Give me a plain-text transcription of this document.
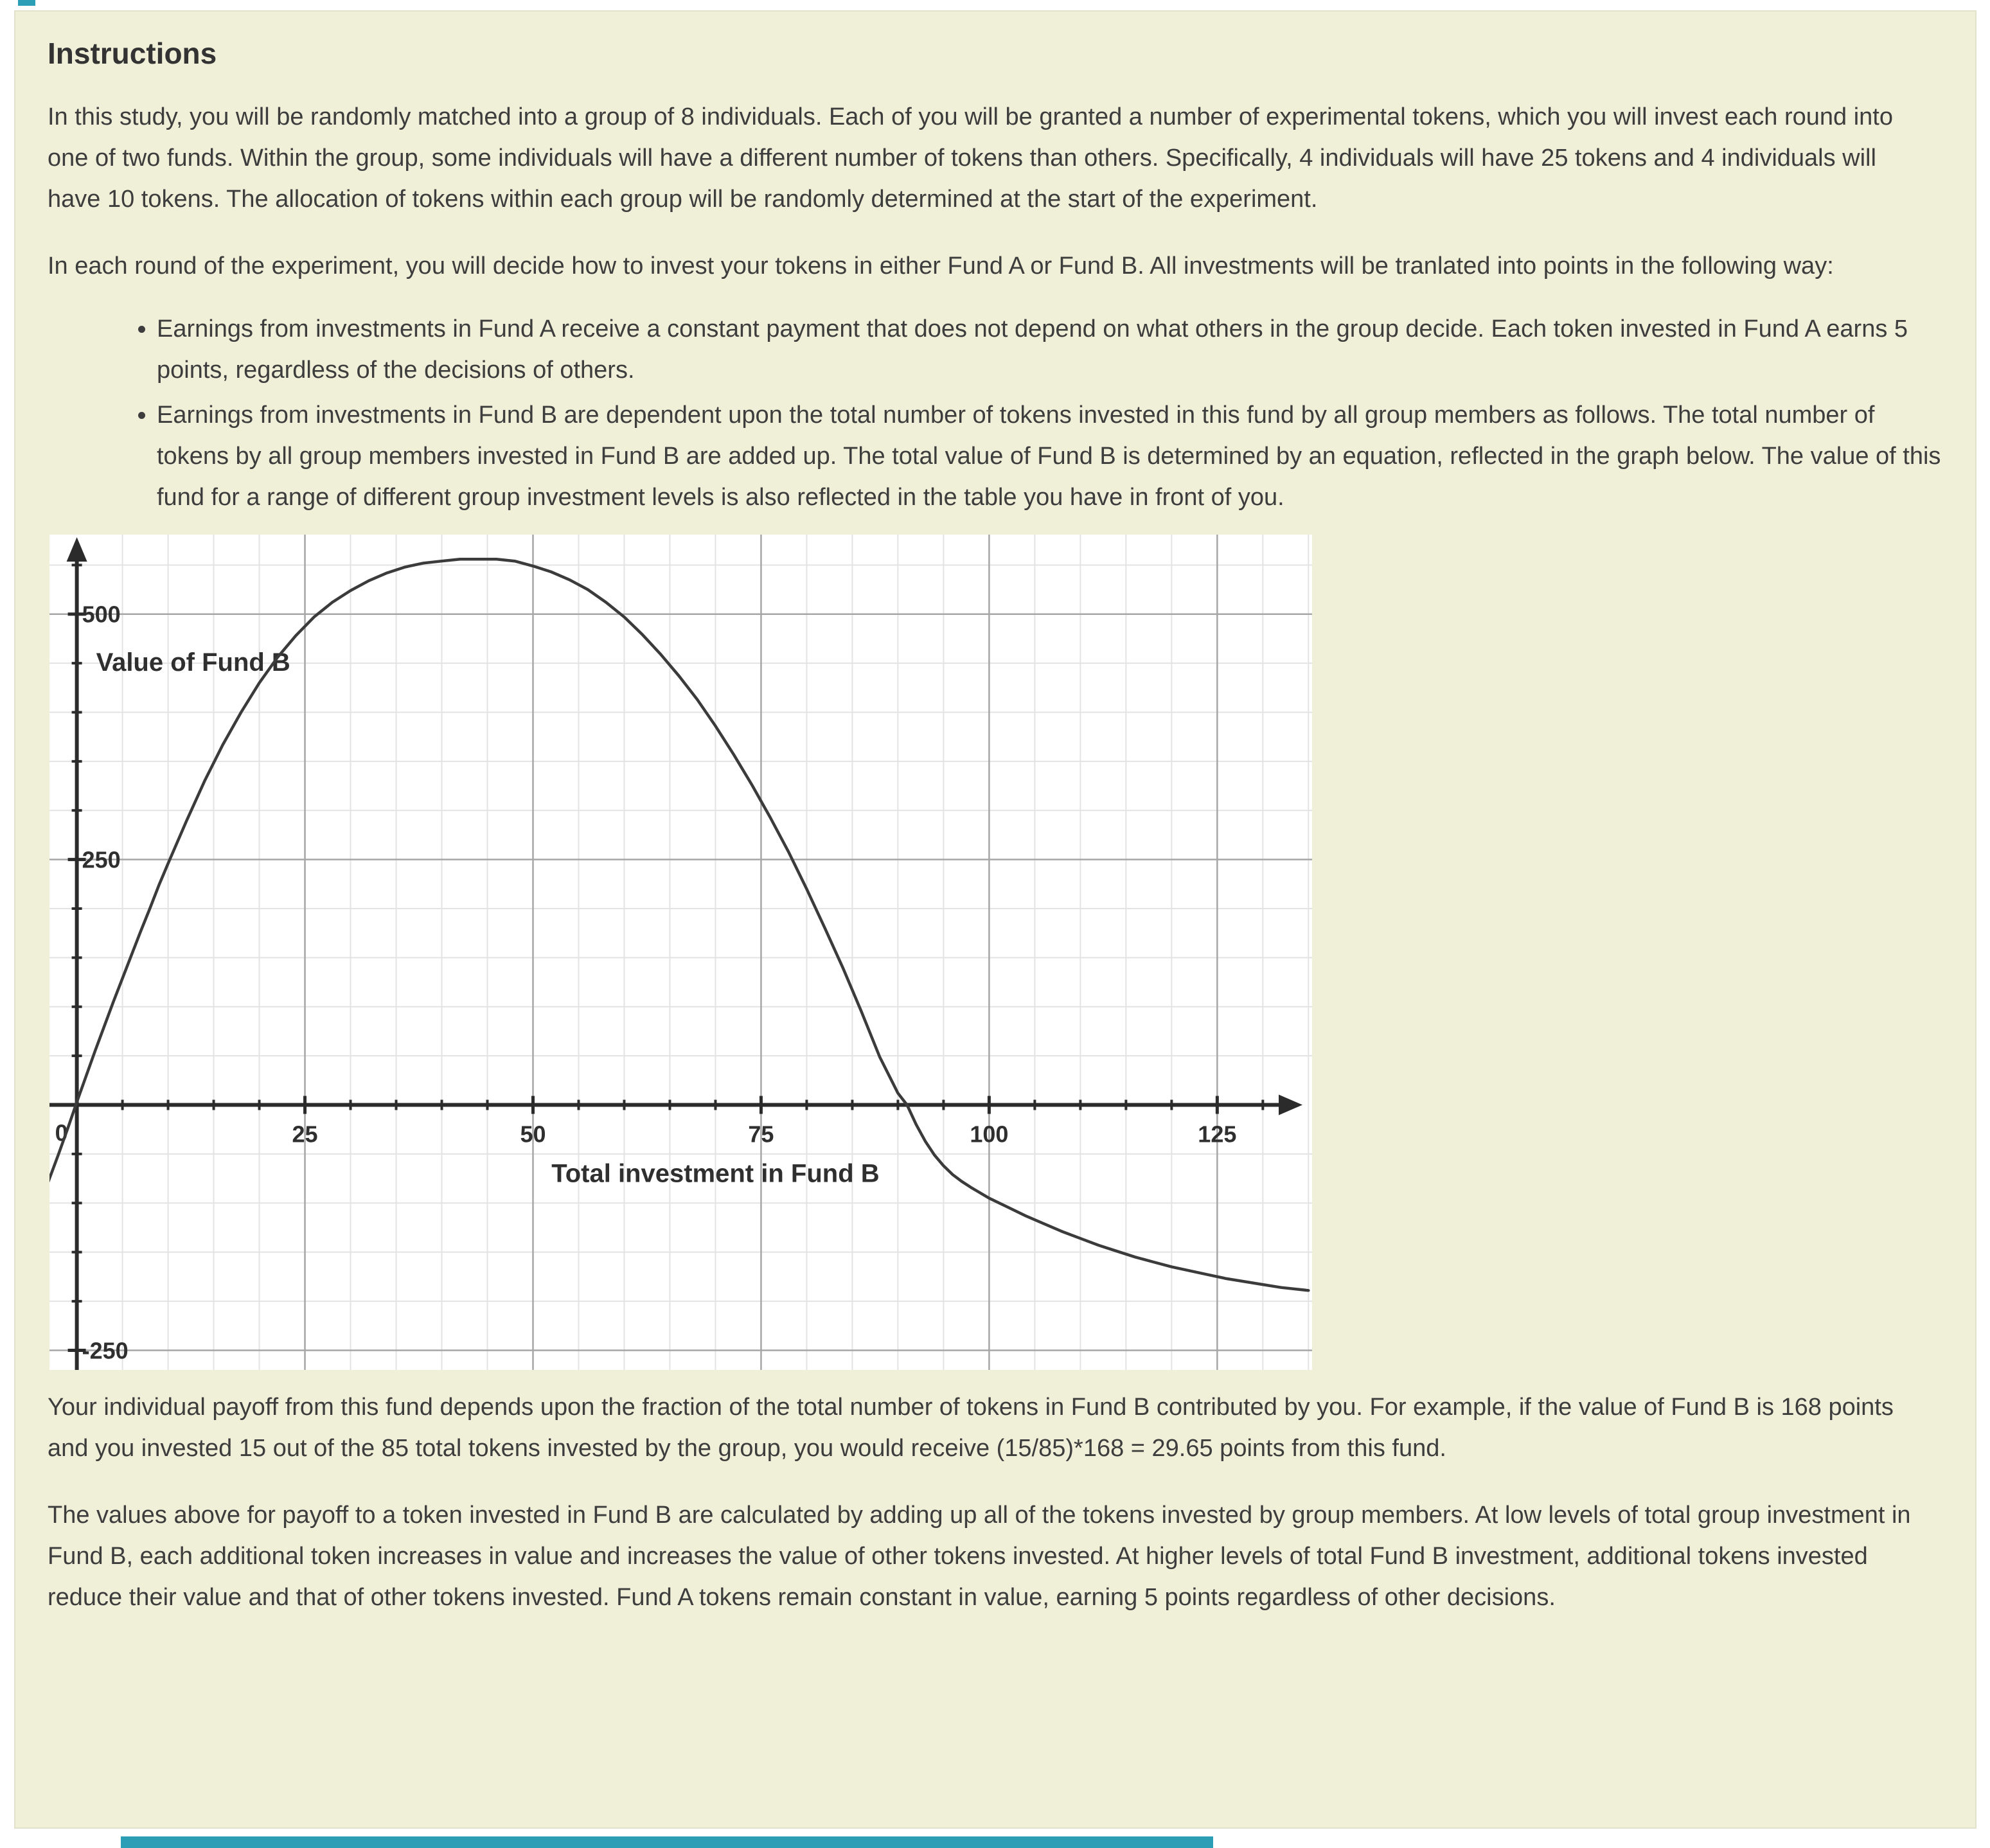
Instructions

In this study, you will be randomly matched into a group of 8 individuals. Each of you will be granted a number of experimental tokens, which you will invest each round into one of two funds. Within the group, some individuals will have a different number of tokens than others. Specifically, 4 individuals will have 25 tokens and 4 individuals will have 10 tokens. The allocation of tokens within each group will be randomly determined at the start of the experiment.

In each round of the experiment, you will decide how to invest your tokens in either Fund A or Fund B. All investments will be tranlated into points in the following way:

• Earnings from investments in Fund A receive a constant payment that does not depend on what others in the group decide. Each token invested in Fund A earns 5 points, regardless of the decisions of others.
• Earnings from investments in Fund B are dependent upon the total number of tokens invested in this fund by all group members as follows. The total number of tokens by all group members invested in Fund B are added up. The total value of Fund B is determined by an equation, reflected in the graph below. The value of this fund for a range of different group investment levels is also reflected in the table you have in front of you.
25	50	75	100	125
-250
250
500
0
Value of Fund B
Total investment in Fund B

Your individual payoff from this fund depends upon the fraction of the total number of tokens in Fund B contributed by you. For example, if the value of Fund B is 168 points and you invested 15 out of the 85 total tokens invested by the group, you would receive (15/85)*168 = 29.65 points from this fund.

The values above for payoff to a token invested in Fund B are calculated by adding up all of the tokens invested by group members. At low levels of total group investment in Fund B, each additional token increases in value and increases the value of other tokens invested. At higher levels of total Fund B investment, additional tokens invested reduce their value and that of other tokens invested. Fund A tokens remain constant in value, earning 5 points regardless of other decisions.
